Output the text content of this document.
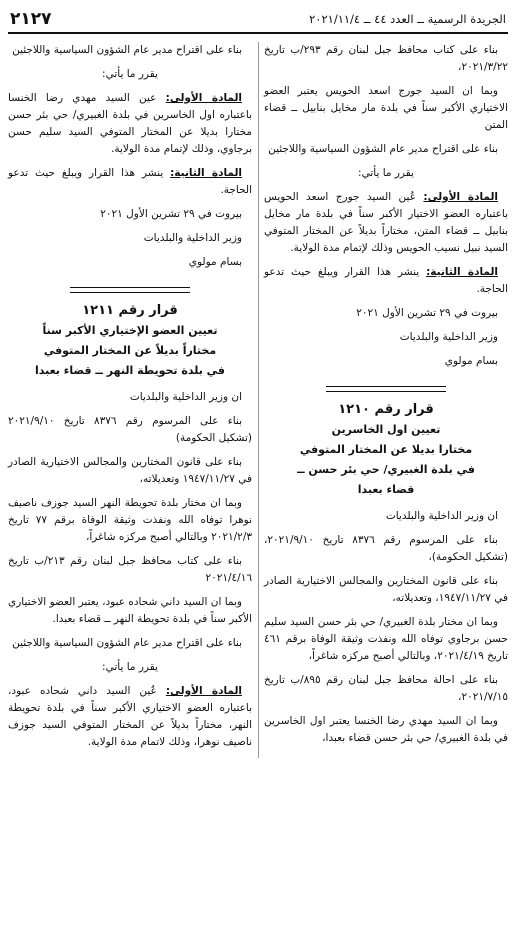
الجريدة الرسمية ــ العدد ٤٤ ــ ٢٠٢١/١١/٤
٢١٢٧

بناء على كتاب محافظ جبل لبنان رقم ٢٩٣/ب تاريخ ٢٠٢١/٣/٢٢،

وبما ان السيد جورج اسعد الحويس يعتبر العضو الاختياري الأكبر سناً في بلدة مار مخايل بنابيل ــ قضاء المتن

بناء على اقتراح مدير عام الشؤون السياسية واللاجئين

يقرر ما يأتي:

المادة الأولى: عُين السيد جورج اسعد الحويس باعتباره العضو الاختيار الأكبر سناً في بلدة مار مخايل بنابيل ــ قضاء المتن، مختاراً بديلاً عن المختار المتوفي السيد نبيل نسيب الحويس وذلك لإتمام مدة الولاية.

المادة الثانية: ينشر هذا القرار ويبلغ حيث تدعو الحاجة.

بيروت في ٢٩ تشرين الأول ٢٠٢١

وزير الداخلية والبلديات

بسام مولوي

قرار رقم ١٢١٠
تعيين اول الخاسرين
مختارا بديلا عن المختار المتوفي
في بلدة الغبيري/ حي بئر حسن ــ
قضاء بعبدا

ان وزير الداخلية والبلديات

بناء على المرسوم رقم ٨٣٧٦ تاريخ ٢٠٢١/٩/١٠، (تشكيل الحكومة)،

بناء على قانون المختارين والمجالس الاختيارية الصادر في ١٩٤٧/١١/٢٧، وتعديلاته،

وبما ان مختار بلدة الغبيري/ حي بئر حسن السيد سليم حسن برجاوي توفاه الله ونفذت وثيقة الوفاة برقم ٤٦١ تاريخ ٢٠٢١/٤/١٩، وبالتالي أصبح مركزه شاغراً،

بناء على احالة محافظ جبل لبنان رقم ٨٩٥/ب تاريخ ٢٠٢١/٧/١٥،

وبما ان السيد مهدي رضا الخنسا يعتبر اول الخاسرين في بلدة الغبيري/ حي بئر حسن قضاء بعبدا،

بناء على اقتراح مدير عام الشؤون السياسية واللاجئين

يقرر ما يأتي:

المادة الأولى: عين السيد مهدي رضا الخنسا باعتباره اول الخاسرين في بلدة الغبيري/ حي بئر حسن مختارا بديلا عن المختار المتوفي السيد سليم حسن برجاوي، وذلك لإتمام مدة الولاية.

المادة الثانية: ينشر هذا القرار ويبلغ حيث تدعو الحاجة.

بيروت في ٢٩ تشرين الأول ٢٠٢١

وزير الداخلية والبلديات

بسام مولوي

قرار رقم ١٢١١
تعيين العضو الإختياري الأكبر سناً
مختاراً بديلاً عن المختار المتوفي
في بلدة تحويطة النهر ــ قضاء بعبدا

ان وزير الداخلية والبلديات

بناء على المرسوم رقم ٨٣٧٦ تاريخ ٢٠٢١/٩/١٠ (تشكيل الحكومة)

بناء على قانون المختارين والمجالس الاختيارية الصادر في ١٩٤٧/١١/٢٧ وتعديلاته،

وبما ان مختار بلدة تحويطة النهر السيد جوزف ناصيف نوهرا توفاه الله ونفذت وثيقة الوفاة برقم ٧٧ تاريخ ٢٠٢١/٢/٣ وبالتالي أصبح مركزه شاغراً،

بناء على كتاب محافظ جبل لبنان رقم ٢١٣/ب تاريخ ٢٠٢١/٤/١٦

وبما ان السيد داني شحاده عبود، يعتبر العضو الاختياري الأكبر سناً في بلدة تحويطة النهر ــ قضاء بعبدا.

بناء على اقتراح مدير عام الشؤون السياسية واللاجئين

يقرر ما يأتي:

المادة الأولى: عُين السيد داني شحاده عبود، باعتباره العضو الاختياري الأكبر سناً في بلدة تحويطة النهر، مختاراً بديلاً عن المختار المتوفي السيد جوزف ناصيف نوهرا، وذلك لاتمام مدة الولاية.
